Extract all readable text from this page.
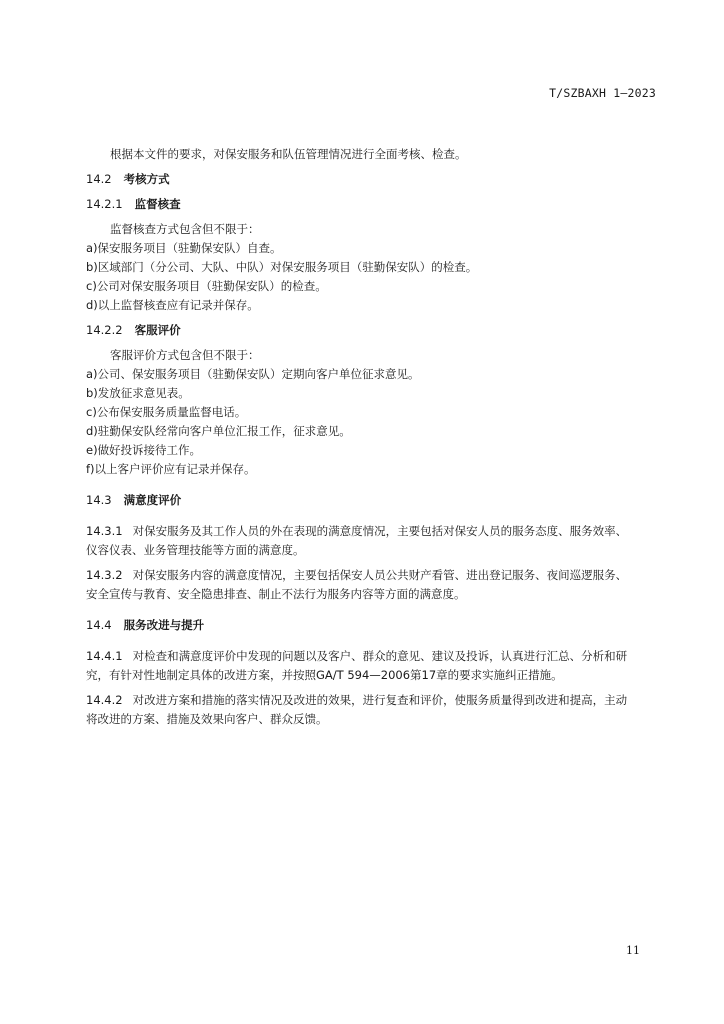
T/SZBAXH 1—2023

根据本文件的要求，对保安服务和队伍管理情况进行全面考核、检查。

14.2 考核方式

14.2.1 监督核查

监督核查方式包含但不限于：

a)保安服务项目（驻勤保安队）自查。

b)区域部门（分公司、大队、中队）对保安服务项目（驻勤保安队）的检查。

c)公司对保安服务项目（驻勤保安队）的检查。

d)以上监督核查应有记录并保存。

14.2.2 客服评价

客服评价方式包含但不限于：

a)公司、保安服务项目（驻勤保安队）定期向客户单位征求意见。

b)发放征求意见表。

c)公布保安服务质量监督电话。

d)驻勤保安队经常向客户单位汇报工作，征求意见。

e)做好投诉接待工作。

f)以上客户评价应有记录并保存。

14.3 满意度评价

14.3.1 对保安服务及其工作人员的外在表现的满意度情况，主要包括对保安人员的服务态度、服务效率、仪容仪表、业务管理技能等方面的满意度。

14.3.2 对保安服务内容的满意度情况，主要包括保安人员公共财产看管、进出登记服务、夜间巡逻服务、安全宣传与教育、安全隐患排查、制止不法行为服务内容等方面的满意度。

14.4 服务改进与提升

14.4.1 对检查和满意度评价中发现的问题以及客户、群众的意见、建议及投诉，认真进行汇总、分析和研究，有针对性地制定具体的改进方案，并按照GA/T 594—2006第17章的要求实施纠正措施。

14.4.2 对改进方案和措施的落实情况及改进的效果，进行复查和评价，使服务质量得到改进和提高，主动将改进的方案、措施及效果向客户、群众反馈。

11
